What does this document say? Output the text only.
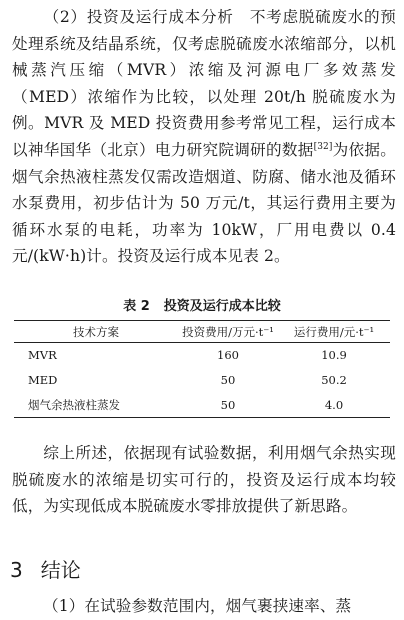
（2）投资及运行成本分析　不考虑脱硫废水的预处理系统及结晶系统，仅考虑脱硫废水浓缩部分，以机械蒸汽压缩（MVR）浓缩及河源电厂多效蒸发（MED）浓缩作为比较，以处理 20t/h 脱硫废水为例。MVR 及 MED 投资费用参考常见工程，运行成本以神华国华（北京）电力研究院调研的数据[32]为依据。烟气余热液柱蒸发仅需改造烟道、防腐、储水池及循环水泵费用，初步估计为 50 万元/t，其运行费用主要为循环水泵的电耗，功率为 10kW，厂用电费以 0.4 元/(kW·h)计。投资及运行成本见表 2。

表 2 投资及运行成本比较
技术方案	投资费用/万元·t⁻¹	运行费用/元·t⁻¹
MVR	160	10.9
MED	50	50.2
烟气余热液柱蒸发	50	4.0

综上所述，依据现有试验数据，利用烟气余热实现脱硫废水的浓缩是切实可行的，投资及运行成本均较低，为实现低成本脱硫废水零排放提供了新思路。

3 结论

（1）在试验参数范围内，烟气裹挟速率、蒸
